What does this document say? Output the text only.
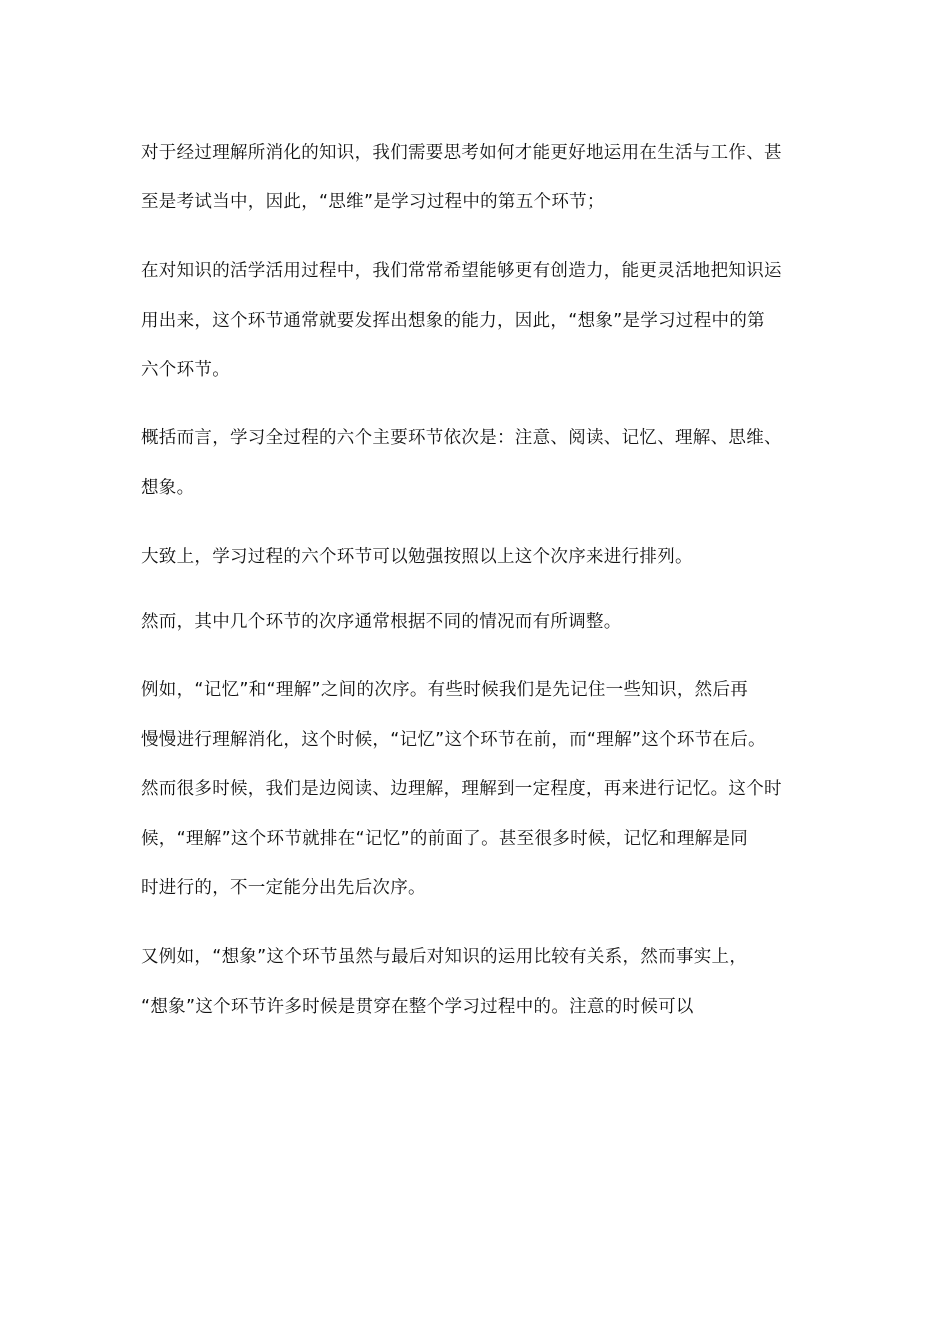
对于经过理解所消化的知识，我们需要思考如何才能更好地运用在生活与工作、甚

至是考试当中，因此，“思维”是学习过程中的第五个环节；

在对知识的活学活用过程中，我们常常希望能够更有创造力，能更灵活地把知识运

用出来，这个环节通常就要发挥出想象的能力，因此，“想象”是学习过程中的第

六个环节。

概括而言，学习全过程的六个主要环节依次是：注意、阅读、记忆、理解、思维、

想象。

大致上，学习过程的六个环节可以勉强按照以上这个次序来进行排列。

然而，其中几个环节的次序通常根据不同的情况而有所调整。

例如，“记忆”和“理解”之间的次序。有些时候我们是先记住一些知识，然后再

慢慢进行理解消化，这个时候，“记忆”这个环节在前，而“理解”这个环节在后。

然而很多时候，我们是边阅读、边理解，理解到一定程度，再来进行记忆。这个时

候，“理解”这个环节就排在“记忆”的前面了。甚至很多时候，记忆和理解是同

时进行的，不一定能分出先后次序。

又例如，“想象”这个环节虽然与最后对知识的运用比较有关系，然而事实上，

“想象”这个环节许多时候是贯穿在整个学习过程中的。注意的时候可以
